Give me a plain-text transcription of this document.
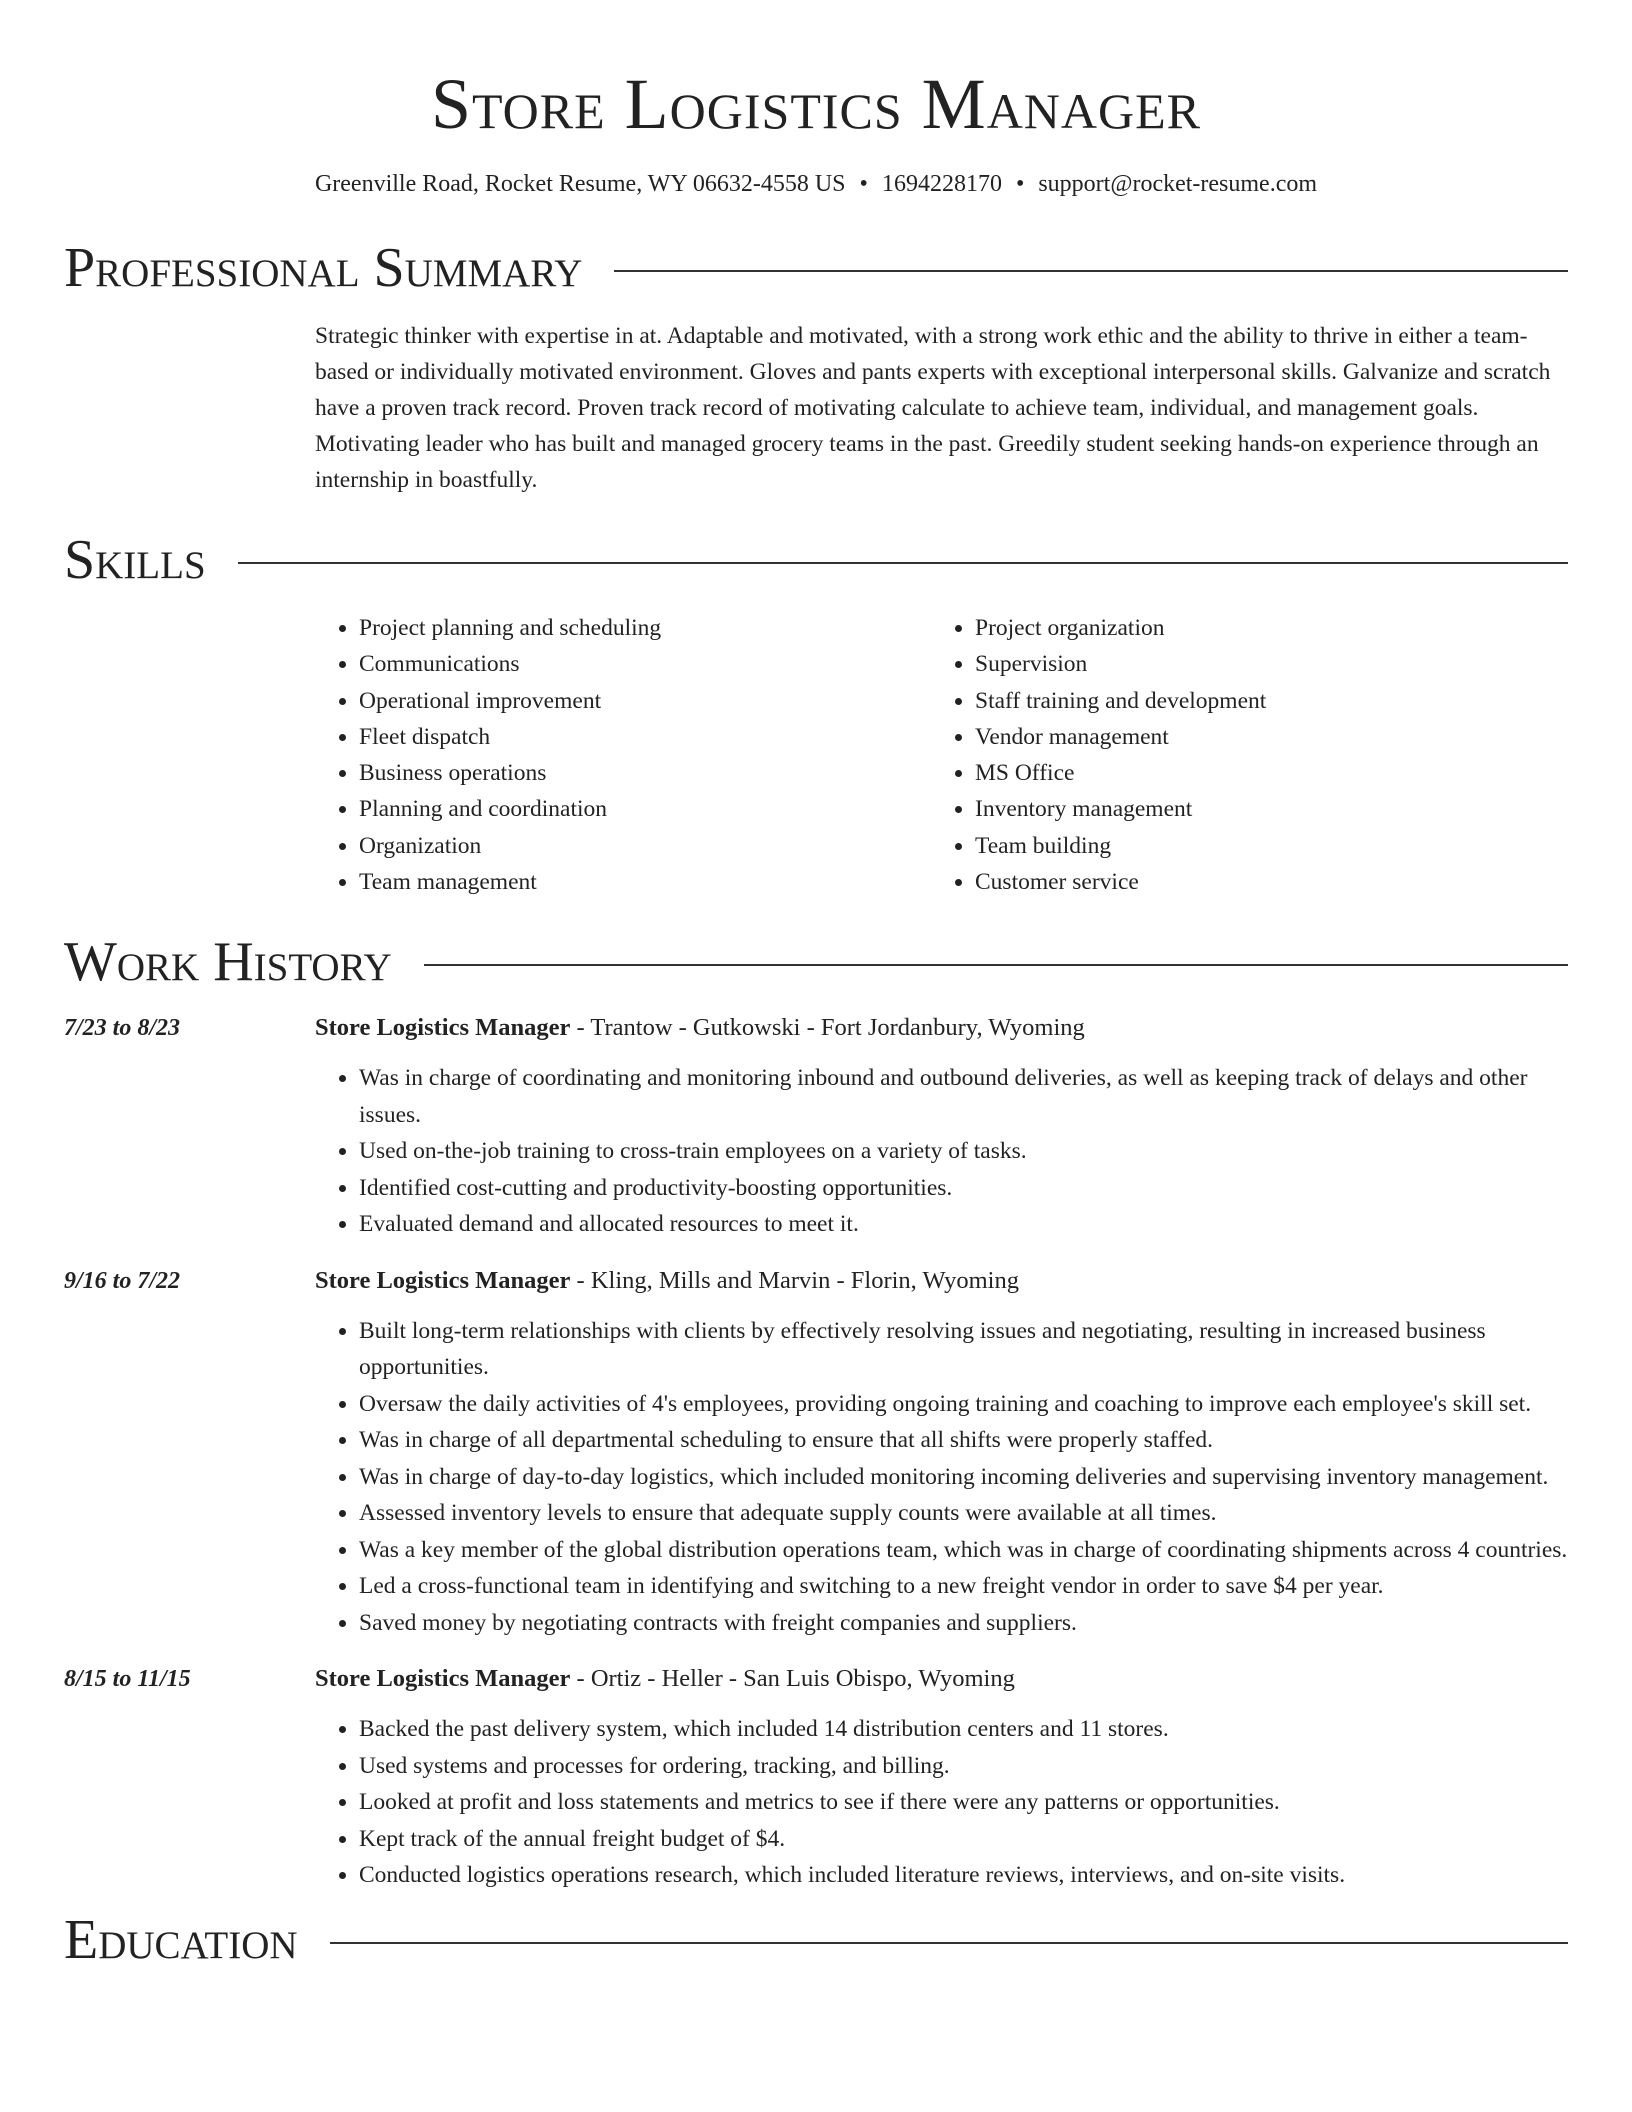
Store Logistics Manager
Greenville Road, Rocket Resume, WY 06632-4558 US • 1694228170 • support@rocket-resume.com
Professional Summary
Strategic thinker with expertise in at. Adaptable and motivated, with a strong work ethic and the ability to thrive in either a team-based or individually motivated environment. Gloves and pants experts with exceptional interpersonal skills. Galvanize and scratch have a proven track record. Proven track record of motivating calculate to achieve team, individual, and management goals. Motivating leader who has built and managed grocery teams in the past. Greedily student seeking hands-on experience through an internship in boastfully.
Skills
• Project planning and scheduling
• Communications
• Operational improvement
• Fleet dispatch
• Business operations
• Planning and coordination
• Organization
• Team management
• Project organization
• Supervision
• Staff training and development
• Vendor management
• MS Office
• Inventory management
• Team building
• Customer service
Work History
7/23 to 8/23	Store Logistics Manager - Trantow - Gutkowski - Fort Jordanbury, Wyoming
• Was in charge of coordinating and monitoring inbound and outbound deliveries, as well as keeping track of delays and other issues.
• Used on-the-job training to cross-train employees on a variety of tasks.
• Identified cost-cutting and productivity-boosting opportunities.
• Evaluated demand and allocated resources to meet it.
9/16 to 7/22	Store Logistics Manager - Kling, Mills and Marvin - Florin, Wyoming
• Built long-term relationships with clients by effectively resolving issues and negotiating, resulting in increased business opportunities.
• Oversaw the daily activities of 4's employees, providing ongoing training and coaching to improve each employee's skill set.
• Was in charge of all departmental scheduling to ensure that all shifts were properly staffed.
• Was in charge of day-to-day logistics, which included monitoring incoming deliveries and supervising inventory management.
• Assessed inventory levels to ensure that adequate supply counts were available at all times.
• Was a key member of the global distribution operations team, which was in charge of coordinating shipments across 4 countries.
• Led a cross-functional team in identifying and switching to a new freight vendor in order to save $4 per year.
• Saved money by negotiating contracts with freight companies and suppliers.
8/15 to 11/15	Store Logistics Manager - Ortiz - Heller - San Luis Obispo, Wyoming
• Backed the past delivery system, which included 14 distribution centers and 11 stores.
• Used systems and processes for ordering, tracking, and billing.
• Looked at profit and loss statements and metrics to see if there were any patterns or opportunities.
• Kept track of the annual freight budget of $4.
• Conducted logistics operations research, which included literature reviews, interviews, and on-site visits.
Education
